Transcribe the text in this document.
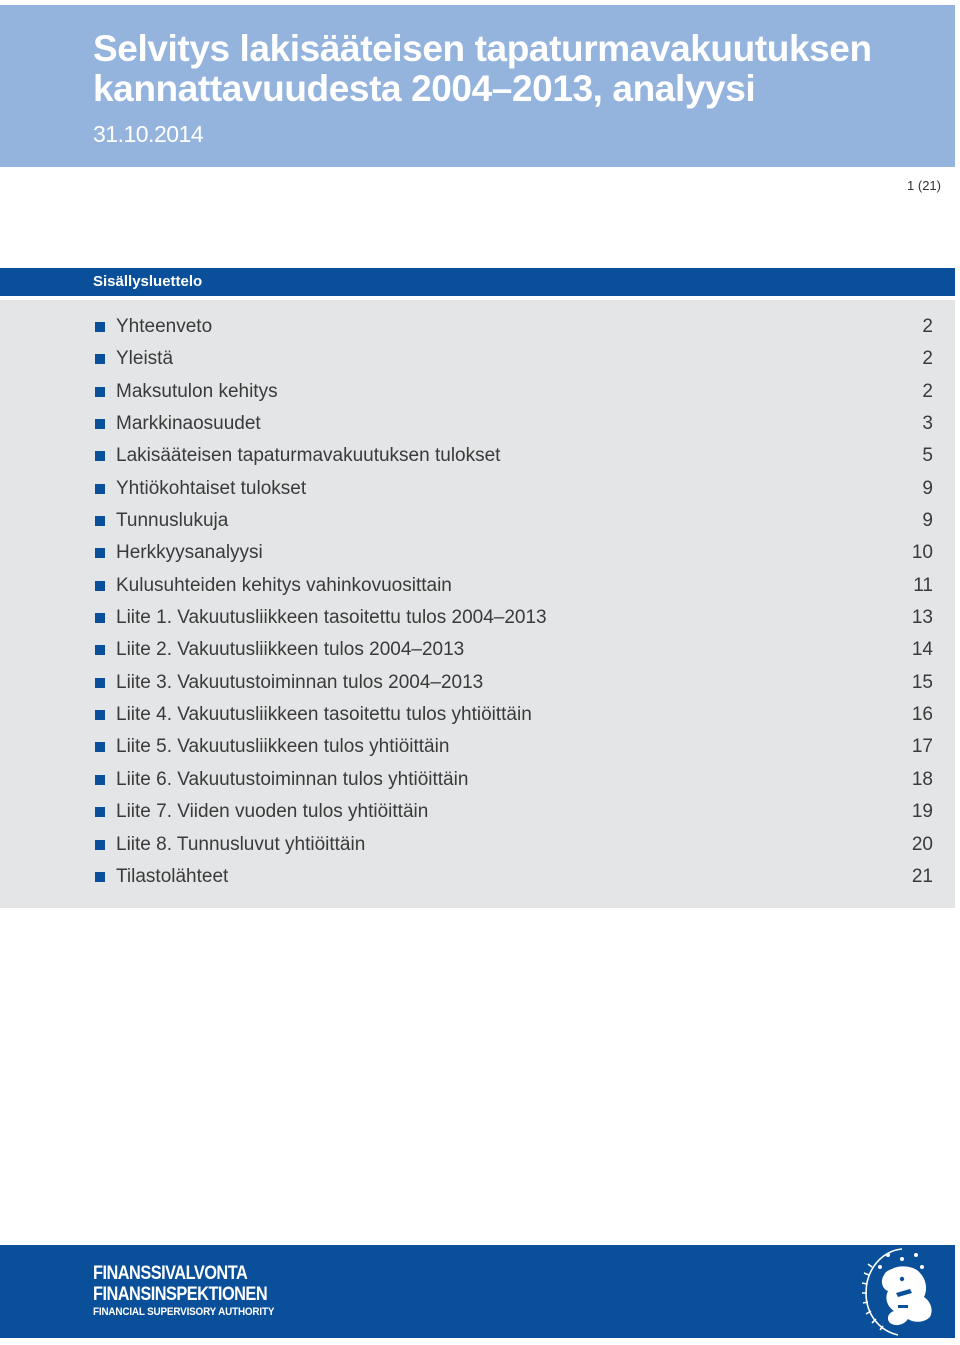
Selvitys lakisääteisen tapaturmavakuutuksen kannattavuudesta 2004–2013, analyysi
31.10.2014
1 (21)
Sisällysluettelo
Yhteenveto	2
Yleistä	2
Maksutulon kehitys	2
Markkinaosuudet	3
Lakisääteisen tapaturmavakuutuksen tulokset	5
Yhtiökohtaiset tulokset	9
Tunnuslukuja	9
Herkkyysanalyysi	10
Kulusuhteiden kehitys vahinkovuosittain	11
Liite 1. Vakuutusliikkeen tasoitettu tulos 2004–2013	13
Liite 2. Vakuutusliikkeen tulos 2004–2013	14
Liite 3. Vakuutustoiminnan tulos 2004–2013	15
Liite 4. Vakuutusliikkeen tasoitettu tulos yhtiöittäin	16
Liite 5. Vakuutusliikkeen tulos yhtiöittäin	17
Liite 6. Vakuutustoiminnan tulos yhtiöittäin	18
Liite 7. Viiden vuoden tulos yhtiöittäin	19
Liite 8. Tunnusluvut yhtiöittäin	20
Tilastolähteet	21
FINANSSIVALVONTA
FINANSINSPEKTIONEN
FINANCIAL SUPERVISORY AUTHORITY
